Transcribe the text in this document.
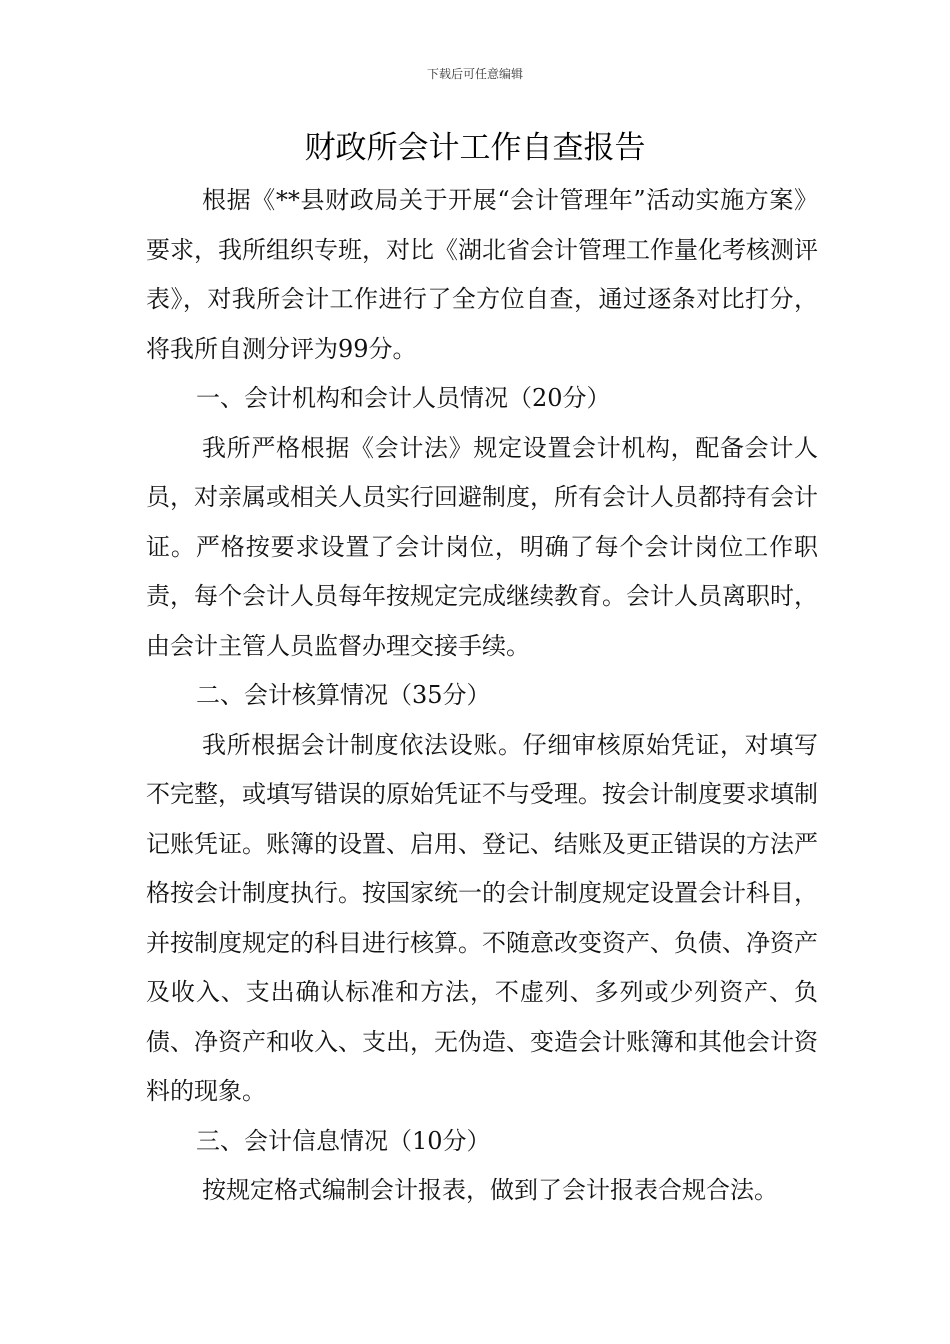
下载后可任意编辑
财政所会计工作自查报告

根据《**县财政局关于开展“会计管理年”活动实施方案》要求，我所组织专班，对比《湖北省会计管理工作量化考核测评表》，对我所会计工作进行了全方位自查，通过逐条对比打分，将我所自测分评为99分。

一、会计机构和会计人员情况（20分）

我所严格根据《会计法》规定设置会计机构，配备会计人员，对亲属或相关人员实行回避制度，所有会计人员都持有会计证。严格按要求设置了会计岗位，明确了每个会计岗位工作职责，每个会计人员每年按规定完成继续教育。会计人员离职时，由会计主管人员监督办理交接手续。

二、会计核算情况（35分）

我所根据会计制度依法设账。仔细审核原始凭证，对填写不完整，或填写错误的原始凭证不与受理。按会计制度要求填制记账凭证。账簿的设置、启用、登记、结账及更正错误的方法严格按会计制度执行。按国家统一的会计制度规定设置会计科目，并按制度规定的科目进行核算。不随意改变资产、负债、净资产及收入、支出确认标准和方法，不虚列、多列或少列资产、负债、净资产和收入、支出，无伪造、变造会计账簿和其他会计资料的现象。

三、会计信息情况（10分）

按规定格式编制会计报表，做到了会计报表合规合法。
